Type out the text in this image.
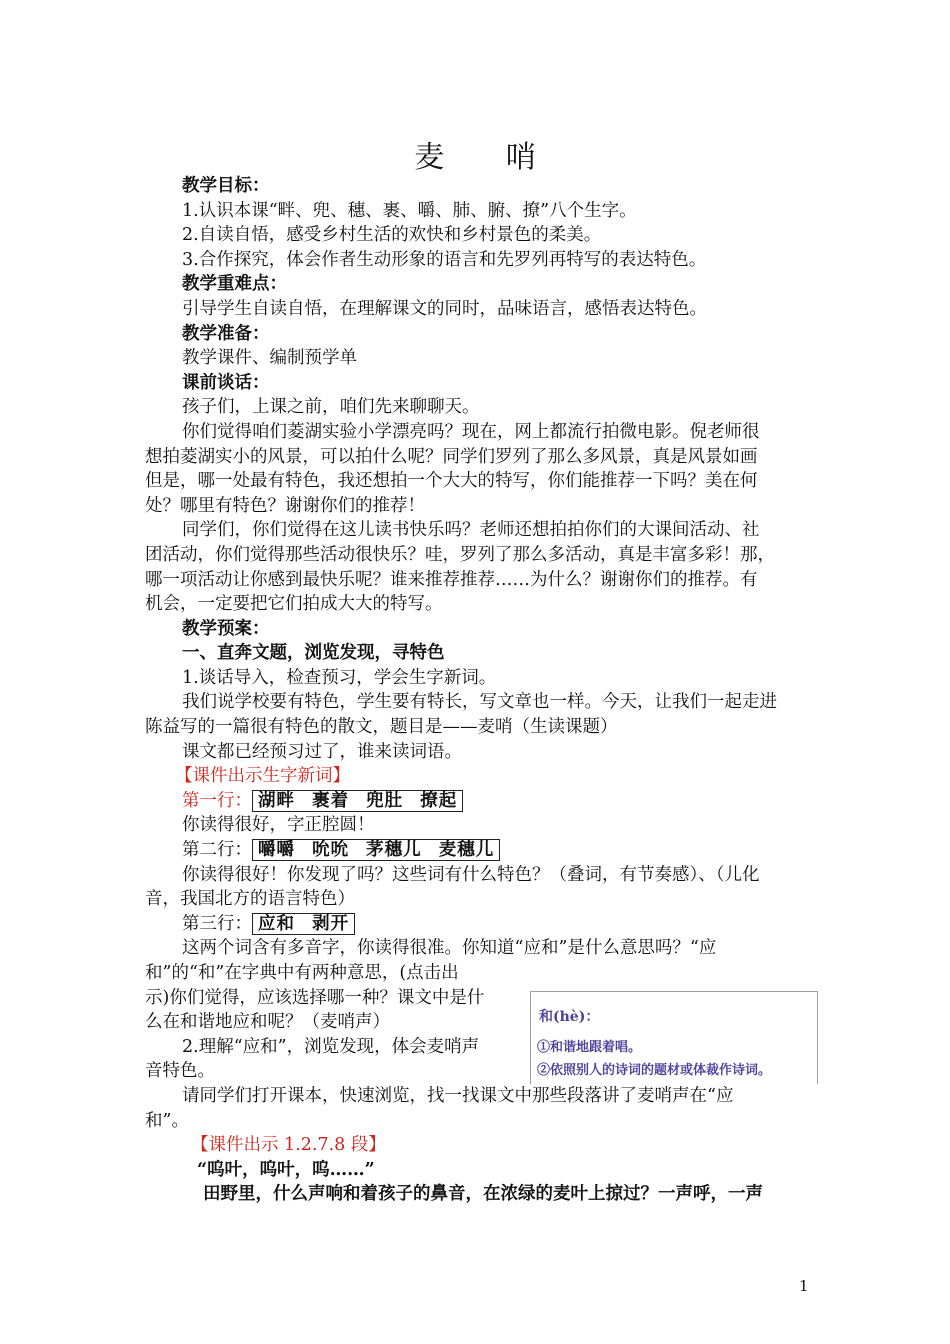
麦 哨
教学目标：
1.认识本课“畔、兜、穗、裹、嚼、肺、腑、撩”八个生字。
2.自读自悟，感受乡村生活的欢快和乡村景色的柔美。
3.合作探究，体会作者生动形象的语言和先罗列再特写的表达特色。
教学重难点：
引导学生自读自悟，在理解课文的同时，品味语言，感悟表达特色。
教学准备：
教学课件、编制预学单
课前谈话：
孩子们，上课之前，咱们先来聊聊天。
你们觉得咱们菱湖实验小学漂亮吗？现在，网上都流行拍微电影。倪老师很
想拍菱湖实小的风景，可以拍什么呢？同学们罗列了那么多风景，真是风景如画
但是，哪一处最有特色，我还想拍一个大大的特写，你们能推荐一下吗？美在何
处？哪里有特色？谢谢你们的推荐！
同学们，你们觉得在这儿读书快乐吗？老师还想拍拍你们的大课间活动、社
团活动，你们觉得那些活动很快乐？哇，罗列了那么多活动，真是丰富多彩！那，
哪一项活动让你感到最快乐呢？谁来推荐推荐……为什么？谢谢你们的推荐。有
机会，一定要把它们拍成大大的特写。
教学预案：
一、直奔文题，浏览发现，寻特色
1.谈话导入，检查预习，学会生字新词。
我们说学校要有特色，学生要有特长，写文章也一样。今天，让我们一起走进
陈益写的一篇很有特色的散文，题目是——麦哨（生读课题）
课文都已经预习过了，谁来读词语。
【课件出示生字新词】
第一行： 湖畔 裹着 兜肚 撩起
你读得很好，字正腔圆！
第二行： 嚼嚼 吮吮 茅穗儿 麦穗儿
你读得很好！你发现了吗？这些词有什么特色？（叠词，有节奏感）、（儿化
音，我国北方的语言特色）
第三行： 应和 剥开
这两个词含有多音字，你读得很准。你知道“应和”是什么意思吗？“应
和”的“和”在字典中有两种意思，(点击出
示)你们觉得，应该选择哪一种？课文中是什
么在和谐地应和呢？（麦哨声）
2.理解“应和”，浏览发现，体会麦哨声
音特色。
请同学们打开课本，快速浏览，找一找课文中那些段落讲了麦哨声在“应
和”。
【课件出示 1.2.7.8 段】
“呜叶，呜叶，呜……”
田野里，什么声响和着孩子的鼻音，在浓绿的麦叶上掠过？一声呼，一声
和(hè)：
①和谐地跟着唱。
②依照别人的诗词的题材或体裁作诗词。
1
